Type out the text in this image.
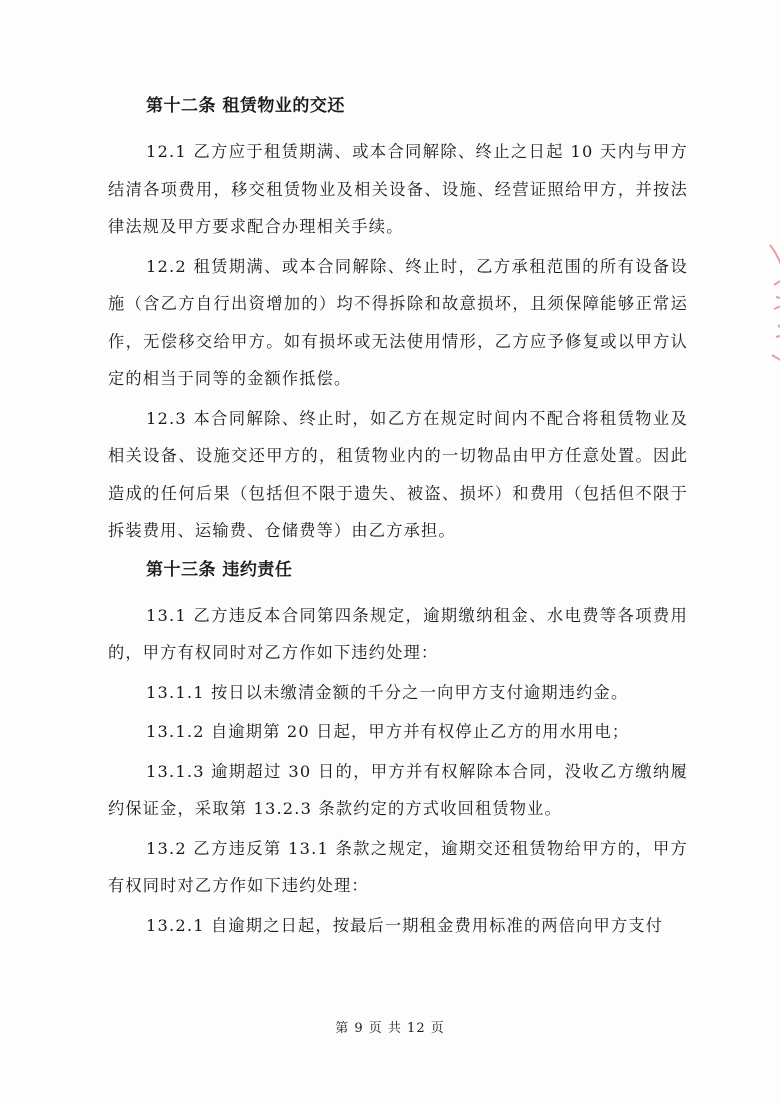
第十二条 租赁物业的交还

12.1 乙方应于租赁期满、或本合同解除、终止之日起 10 天内与甲方结清各项费用，移交租赁物业及相关设备、设施、经营证照给甲方，并按法律法规及甲方要求配合办理相关手续。

12.2 租赁期满、或本合同解除、终止时，乙方承租范围的所有设备设施（含乙方自行出资增加的）均不得拆除和故意损坏，且须保障能够正常运作，无偿移交给甲方。如有损坏或无法使用情形，乙方应予修复或以甲方认定的相当于同等的金额作抵偿。

12.3 本合同解除、终止时，如乙方在规定时间内不配合将租赁物业及相关设备、设施交还甲方的，租赁物业内的一切物品由甲方任意处置。因此造成的任何后果（包括但不限于遗失、被盗、损坏）和费用（包括但不限于拆装费用、运输费、仓储费等）由乙方承担。

第十三条 违约责任

13.1 乙方违反本合同第四条规定，逾期缴纳租金、水电费等各项费用的，甲方有权同时对乙方作如下违约处理：

13.1.1 按日以未缴清金额的千分之一向甲方支付逾期违约金。

13.1.2 自逾期第 20 日起，甲方并有权停止乙方的用水用电；

13.1.3 逾期超过 30 日的，甲方并有权解除本合同，没收乙方缴纳履约保证金，采取第 13.2.3 条款约定的方式收回租赁物业。

13.2 乙方违反第 13.1 条款之规定，逾期交还租赁物给甲方的，甲方有权同时对乙方作如下违约处理：

13.2.1 自逾期之日起，按最后一期租金费用标准的两倍向甲方支付

第 9 页 共 12 页
